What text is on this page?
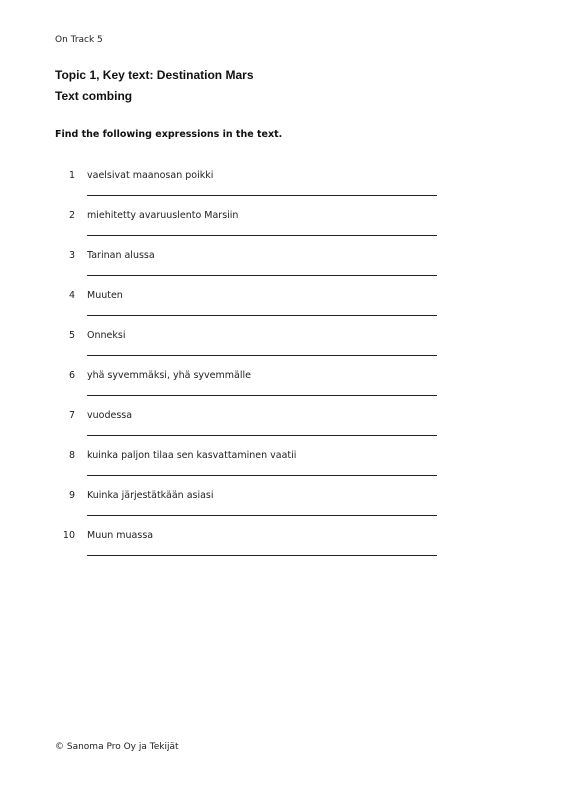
On Track 5
Topic 1, Key text: Destination Mars
Text combing
Find the following expressions in the text.
1 vaelsivat maanosan poikki
2 miehitetty avaruuslento Marsiin
3 Tarinan alussa
4 Muuten
5 Onneksi
6 yhä syvemmäksi, yhä syvemmälle
7 vuodessa
8 kuinka paljon tilaa sen kasvattaminen vaatii
9 Kuinka järjestätkään asiasi
10 Muun muassa
© Sanoma Pro Oy ja Tekijät
